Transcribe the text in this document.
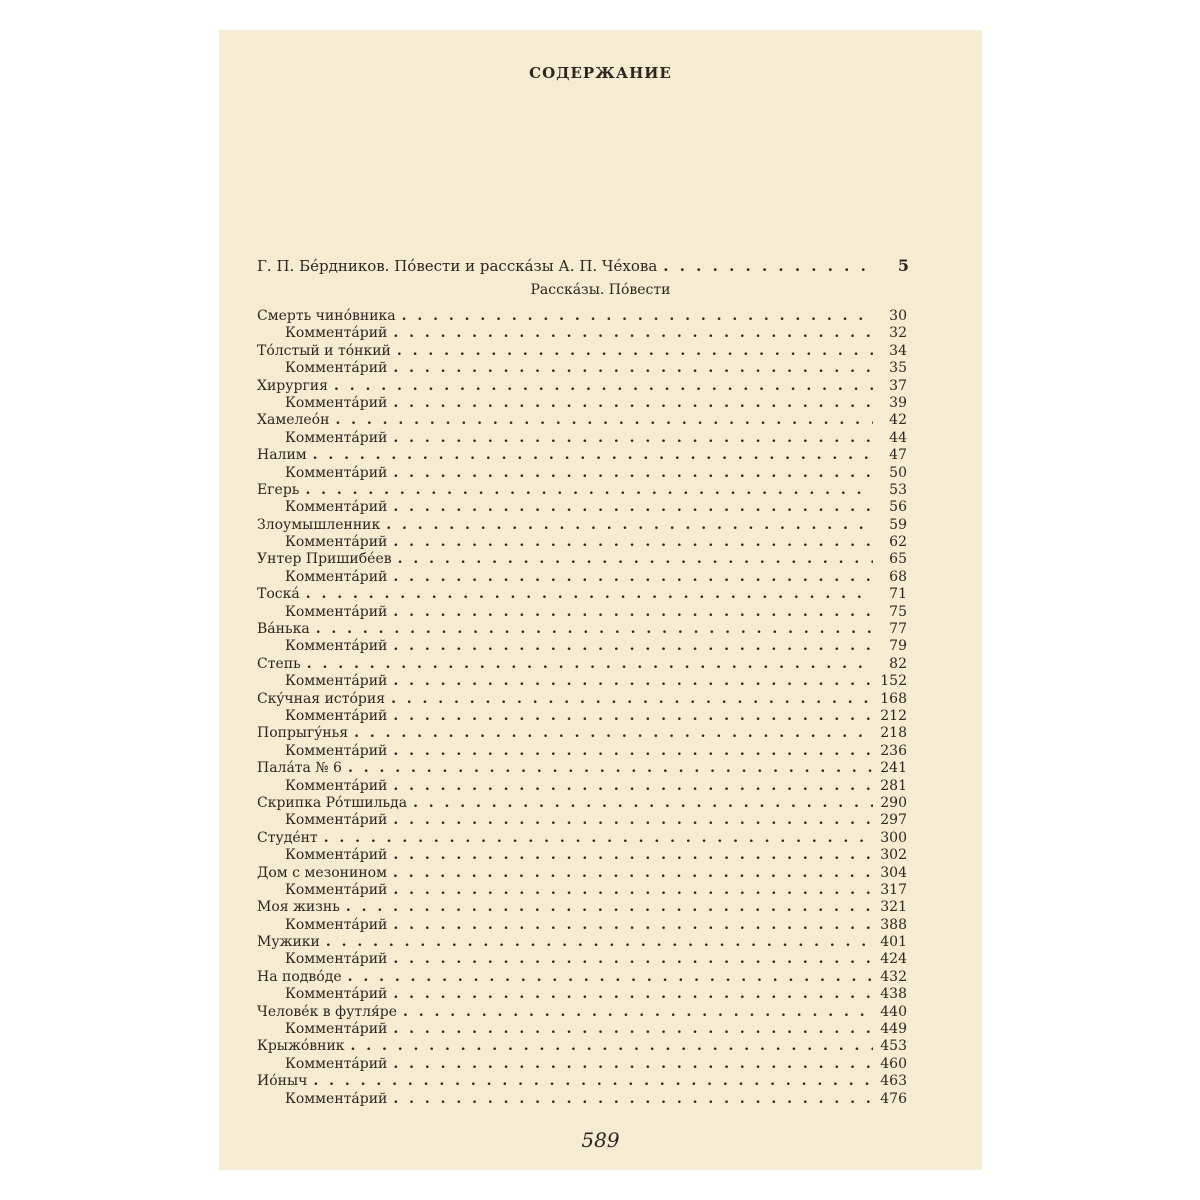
СОДЕРЖАНИЕ
Г. П. Бéрдников. Пóвести и расскáзы А. П. Чéхова . . .	5
Расскáзы. Пóвести
Смерть чинóвника . . .	30
Комментáрий . . .	32
Тóлстый и тóнкий . . .	34
Комментáрий . . .	35
Хирургия . . .	37
Комментáрий . . .	39
Хамелеóн . . .	42
Комментáрий . . .	44
Налим . . .	47
Комментáрий . . .	50
Егерь . . .	53
Комментáрий . . .	56
Злоумышленник . . .	59
Комментáрий . . .	62
Унтер Пришибéев . . .	65
Комментáрий . . .	68
Тоскá . . .	71
Комментáрий . . .	75
Вáнька . . .	77
Комментáрий . . .	79
Степь . . .	82
Комментáрий . . .	152
Скýчная истóрия . . .	168
Комментáрий . . .	212
Попрыгýнья . . .	218
Комментáрий . . .	236
Палáта № 6 . . .	241
Комментáрий . . .	281
Скрипка Рóтшильда . . .	290
Комментáрий . . .	297
Студéнт . . .	300
Комментáрий . . .	302
Дом с мезонином . . .	304
Комментáрий . . .	317
Моя жизнь . . .	321
Комментáрий . . .	388
Мужики . . .	401
Комментáрий . . .	424
На подвóде . . .	432
Комментáрий . . .	438
Человéк в футля́ре . . .	440
Комментáрий . . .	449
Крыжóвник . . .	453
Комментáрий . . .	460
Иóныч . . .	463
Комментáрий . . .	476
589
